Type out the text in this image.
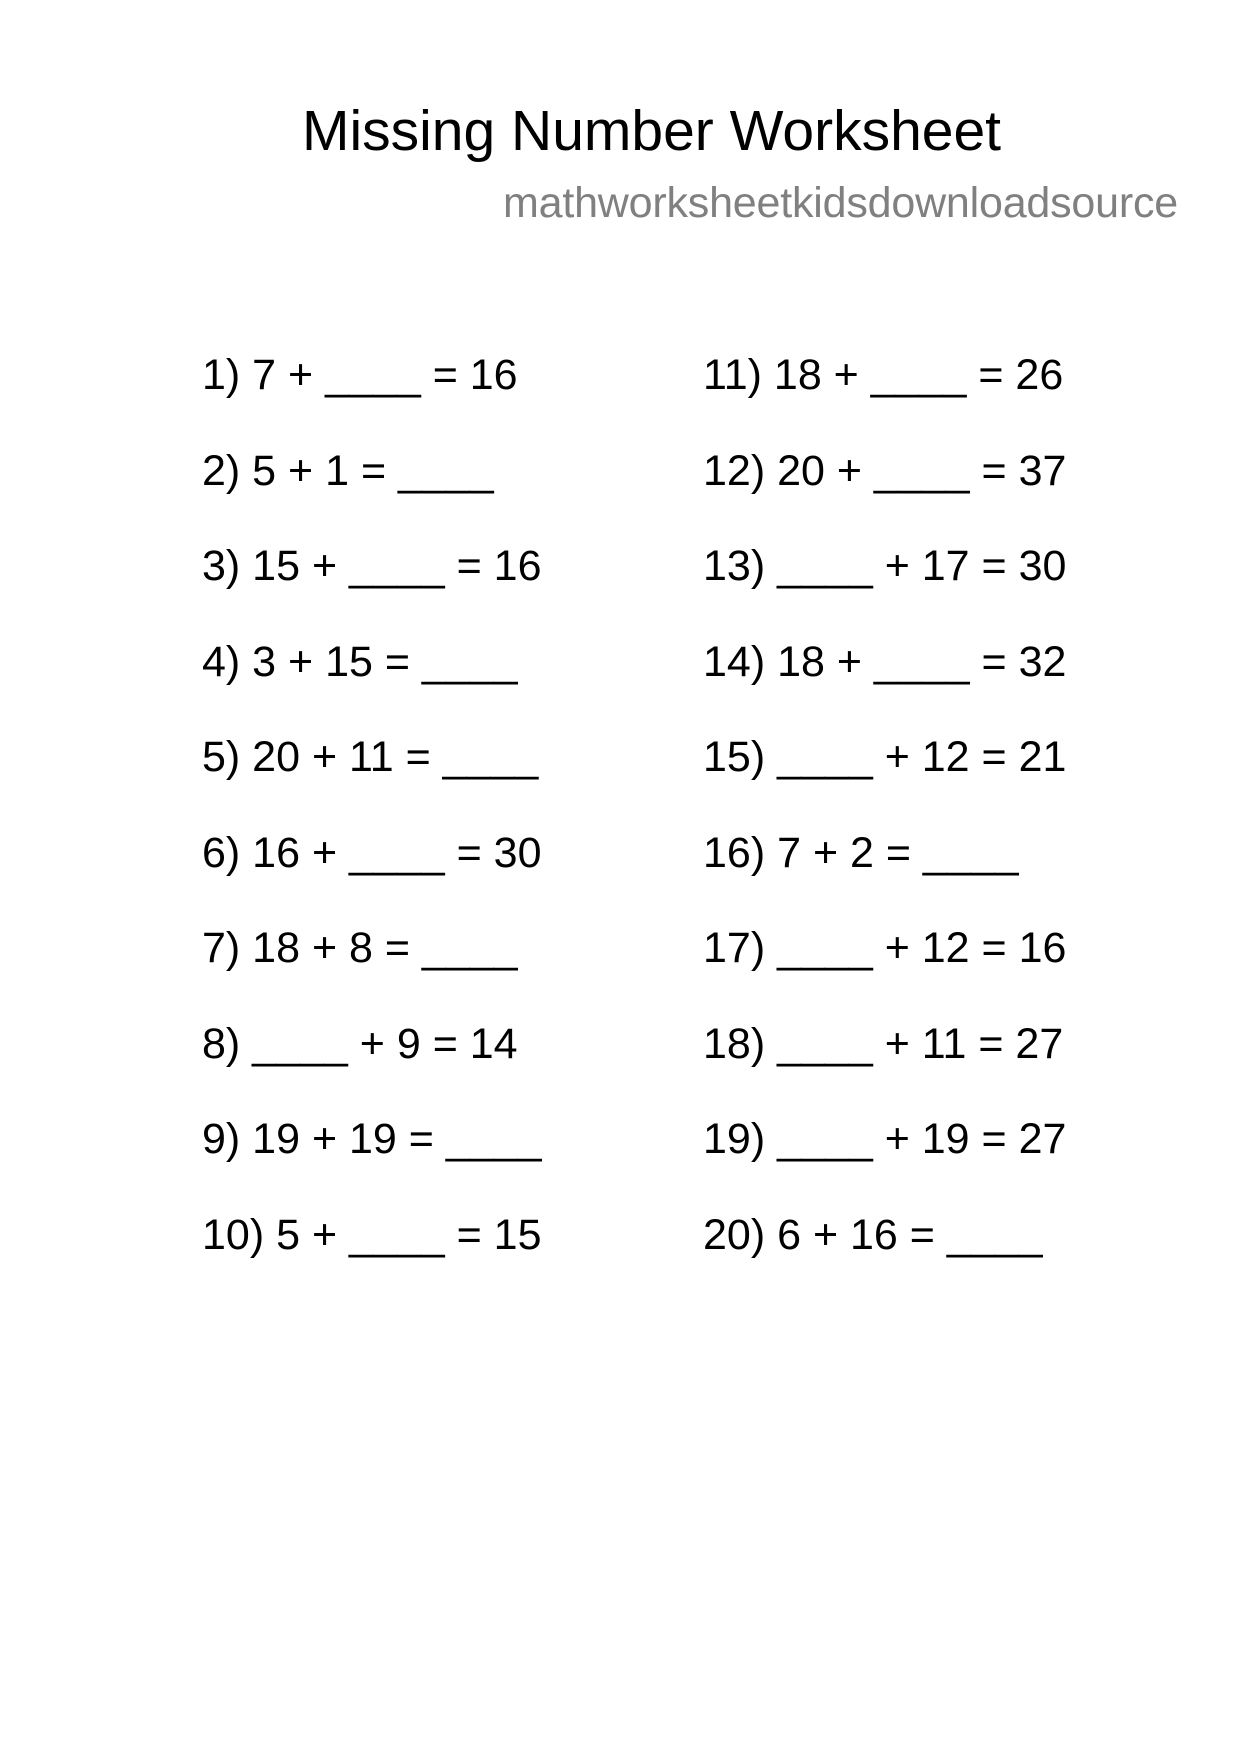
Missing Number Worksheet
mathworksheetkidsdownloadsource
1) 7 + ____ = 16
2) 5 + 1 = ____
3) 15 + ____ = 16
4) 3 + 15 = ____
5) 20 + 11 = ____
6) 16 + ____ = 30
7) 18 + 8 = ____
8) ____ + 9 = 14
9) 19 + 19 = ____
10) 5 + ____ = 15
11) 18 + ____ = 26
12) 20 + ____ = 37
13) ____ + 17 = 30
14) 18 + ____ = 32
15) ____ + 12 = 21
16) 7 + 2 = ____
17) ____ + 12 = 16
18) ____ + 11 = 27
19) ____ + 19 = 27
20) 6 + 16 = ____
